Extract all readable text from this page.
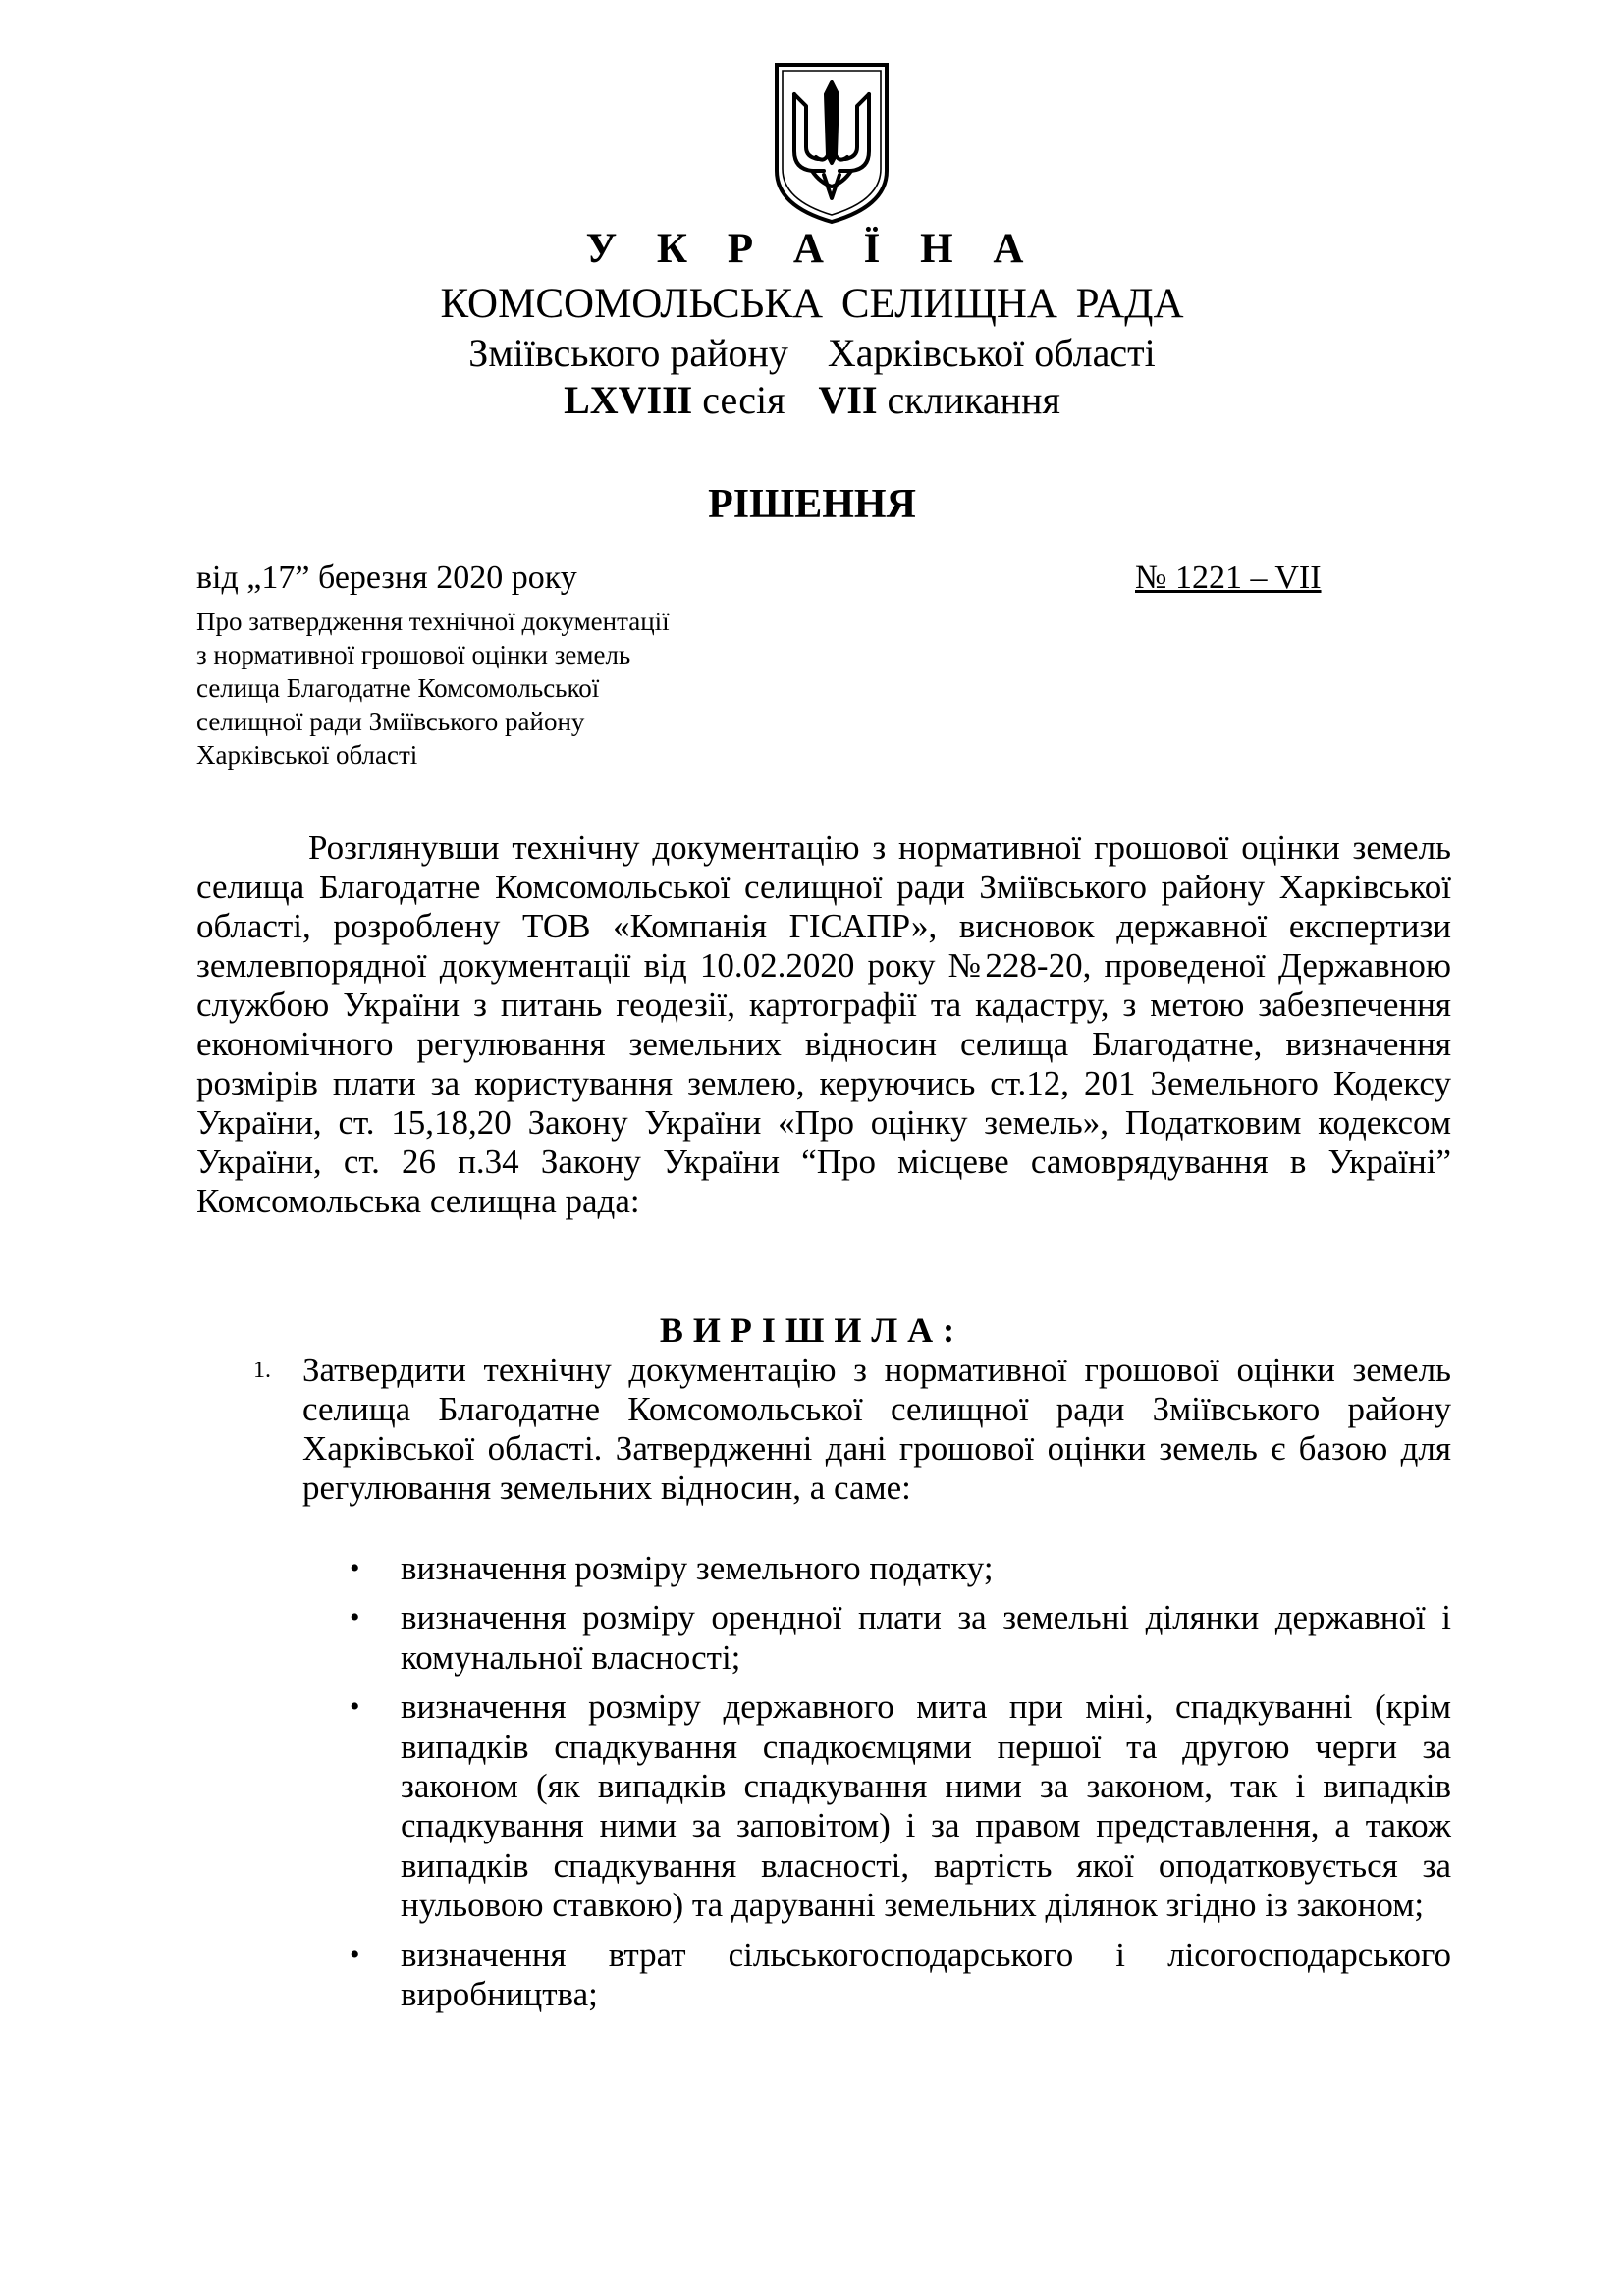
У К Р А Ї Н А
КОМСОМОЛЬСЬКА СЕЛИЩНА РАДА
Зміївського району Харківської області
LXVIII сесія VII скликання
РІШЕННЯ
від „17” березня 2020 року	№ 1221 – VII
Про затвердження технічної документації
з нормативної грошової оцінки земель
селища Благодатне Комсомольської
селищної ради Зміївського району
Харківської області
Розглянувши технічну документацію з нормативної грошової оцінки земель селища Благодатне Комсомольської селищної ради Зміївського району Харківської області, розроблену ТОВ «Компанія ГІСАПР», висновок державної експертизи землевпорядної документації від 10.02.2020 року №228-20, проведеної Державною службою України з питань геодезії, картографії та кадастру, з метою забезпечення економічного регулювання земельних відносин селища Благодатне, визначення розмірів плати за користування землею, керуючись ст.12, 201 Земельного Кодексу України, ст. 15,18,20 Закону України «Про оцінку земель», Податковим кодексом України, ст. 26 п.34 Закону України “Про місцеве самоврядування в Україні” Комсомольська селищна рада:
ВИРІШИЛА:
1. Затвердити технічну документацію з нормативної грошової оцінки земель селища Благодатне Комсомольської селищної ради Зміївського району Харківської області. Затвердженні дані грошової оцінки земель є базою для регулювання земельних відносин, а саме:
• визначення розміру земельного податку;
• визначення розміру орендної плати за земельні ділянки державної і комунальної власності;
• визначення розміру державного мита при міні, спадкуванні (крім випадків спадкування спадкоємцями першої та другою черги за законом (як випадків спадкування ними за законом, так і випадків спадкування ними за заповітом) і за правом представлення, а також випадків спадкування власності, вартість якої оподатковується за нульовою ставкою) та даруванні земельних ділянок згідно із законом;
• визначення втрат сільськогосподарського і лісогосподарського виробництва;
